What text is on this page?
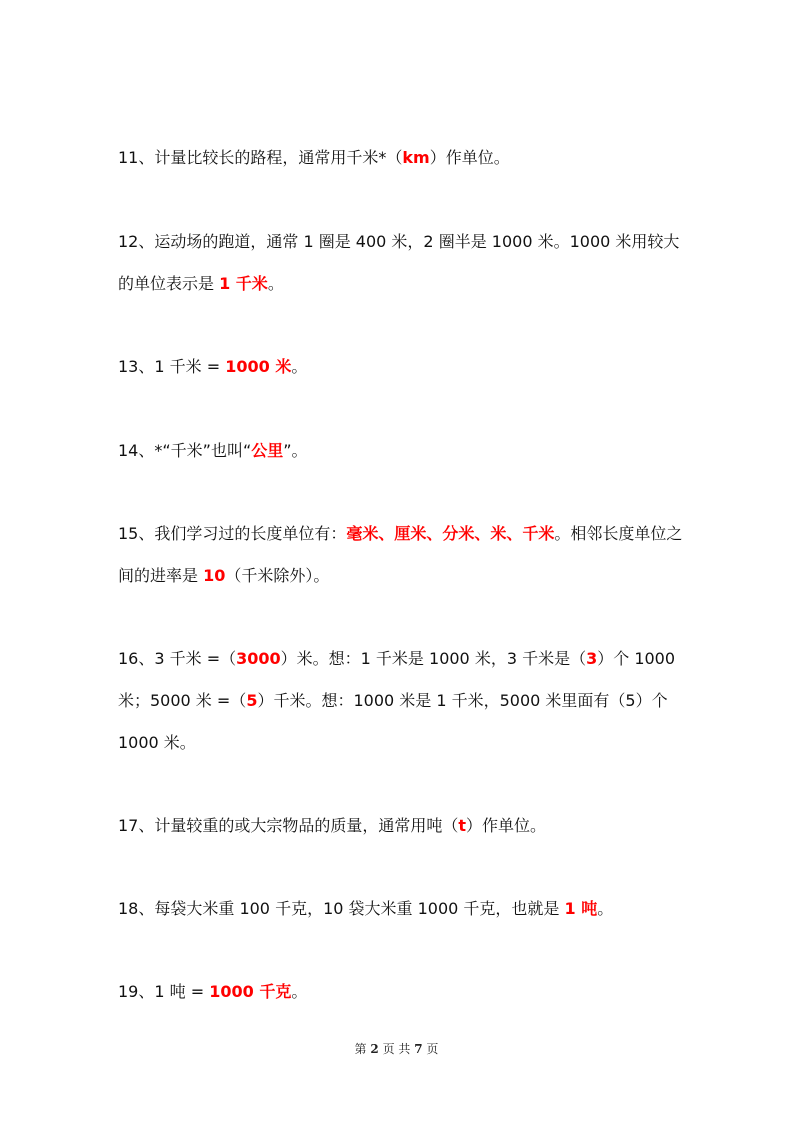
11、计量比较长的路程，通常用千米*（km）作单位。

12、运动场的跑道，通常 1 圈是 400 米，2 圈半是 1000 米。1000 米用较大的单位表示是 1 千米。

13、1 千米 = 1000 米。

14、*“千米”也叫“公里”。

15、我们学习过的长度单位有：毫米、厘米、分米、米、千米。相邻长度单位之间的进率是 10（千米除外）。

16、3 千米 =（3000）米。想：1 千米是 1000 米，3 千米是（3）个 1000 米；5000 米 =（5）千米。想：1000 米是 1 千米，5000 米里面有（5）个 1000 米。

17、计量较重的或大宗物品的质量，通常用吨（t）作单位。

18、每袋大米重 100 千克，10 袋大米重 1000 千克，也就是 1 吨。

19、1 吨 = 1000 千克。

第 2 页 共 7 页
